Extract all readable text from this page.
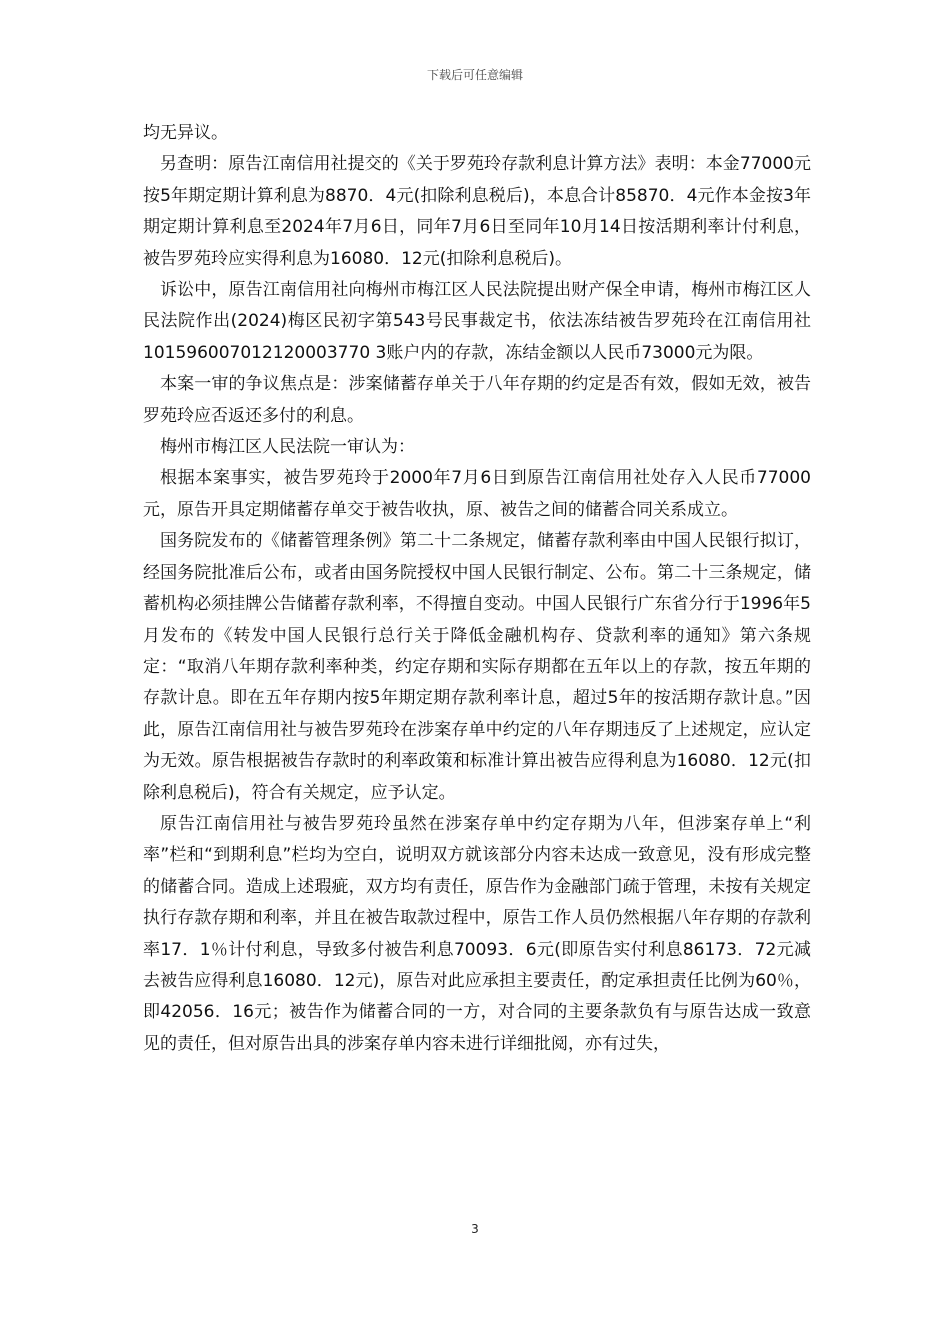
下载后可任意编辑

均无异议。

另查明：原告江南信用社提交的《关于罗苑玲存款利息计算方法》表明：本金77000元按5年期定期计算利息为8870．4元(扣除利息税后)，本息合计85870．4元作本金按3年期定期计算利息至2024年7月6日，同年7月6日至同年10月14日按活期利率计付利息，被告罗苑玲应实得利息为16080．12元(扣除利息税后)。

诉讼中，原告江南信用社向梅州市梅江区人民法院提出财产保全申请，梅州市梅江区人民法院作出(2024)梅区民初字第543号民事裁定书，依法冻结被告罗苑玲在江南信用社101596007012120003770 3账户内的存款，冻结金额以人民币73000元为限。

本案一审的争议焦点是：涉案储蓄存单关于八年存期的约定是否有效，假如无效，被告罗苑玲应否返还多付的利息。

梅州市梅江区人民法院一审认为：

根据本案事实，被告罗苑玲于2000年7月6日到原告江南信用社处存入人民币77000元，原告开具定期储蓄存单交于被告收执，原、被告之间的储蓄合同关系成立。

国务院发布的《储蓄管理条例》第二十二条规定，储蓄存款利率由中国人民银行拟订，经国务院批准后公布，或者由国务院授权中国人民银行制定、公布。第二十三条规定，储蓄机构必须挂牌公告储蓄存款利率，不得擅自变动。中国人民银行广东省分行于1996年5月发布的《转发中国人民银行总行关于降低金融机构存、贷款利率的通知》第六条规定：“取消八年期存款利率种类，约定存期和实际存期都在五年以上的存款，按五年期的存款计息。即在五年存期内按5年期定期存款利率计息，超过5年的按活期存款计息。”因此，原告江南信用社与被告罗苑玲在涉案存单中约定的八年存期违反了上述规定，应认定为无效。原告根据被告存款时的利率政策和标准计算出被告应得利息为16080．12元(扣除利息税后)，符合有关规定，应予认定。

原告江南信用社与被告罗苑玲虽然在涉案存单中约定存期为八年，但涉案存单上“利率”栏和“到期利息”栏均为空白，说明双方就该部分内容未达成一致意见，没有形成完整的储蓄合同。造成上述瑕疵，双方均有责任，原告作为金融部门疏于管理，未按有关规定执行存款存期和利率，并且在被告取款过程中，原告工作人员仍然根据八年存期的存款利率17．1％计付利息，导致多付被告利息70093．6元(即原告实付利息86173．72元减去被告应得利息16080．12元)，原告对此应承担主要责任，酌定承担责任比例为60％，即42056．16元；被告作为储蓄合同的一方，对合同的主要条款负有与原告达成一致意见的责任，但对原告出具的涉案存单内容未进行详细批阅，亦有过失，

3
